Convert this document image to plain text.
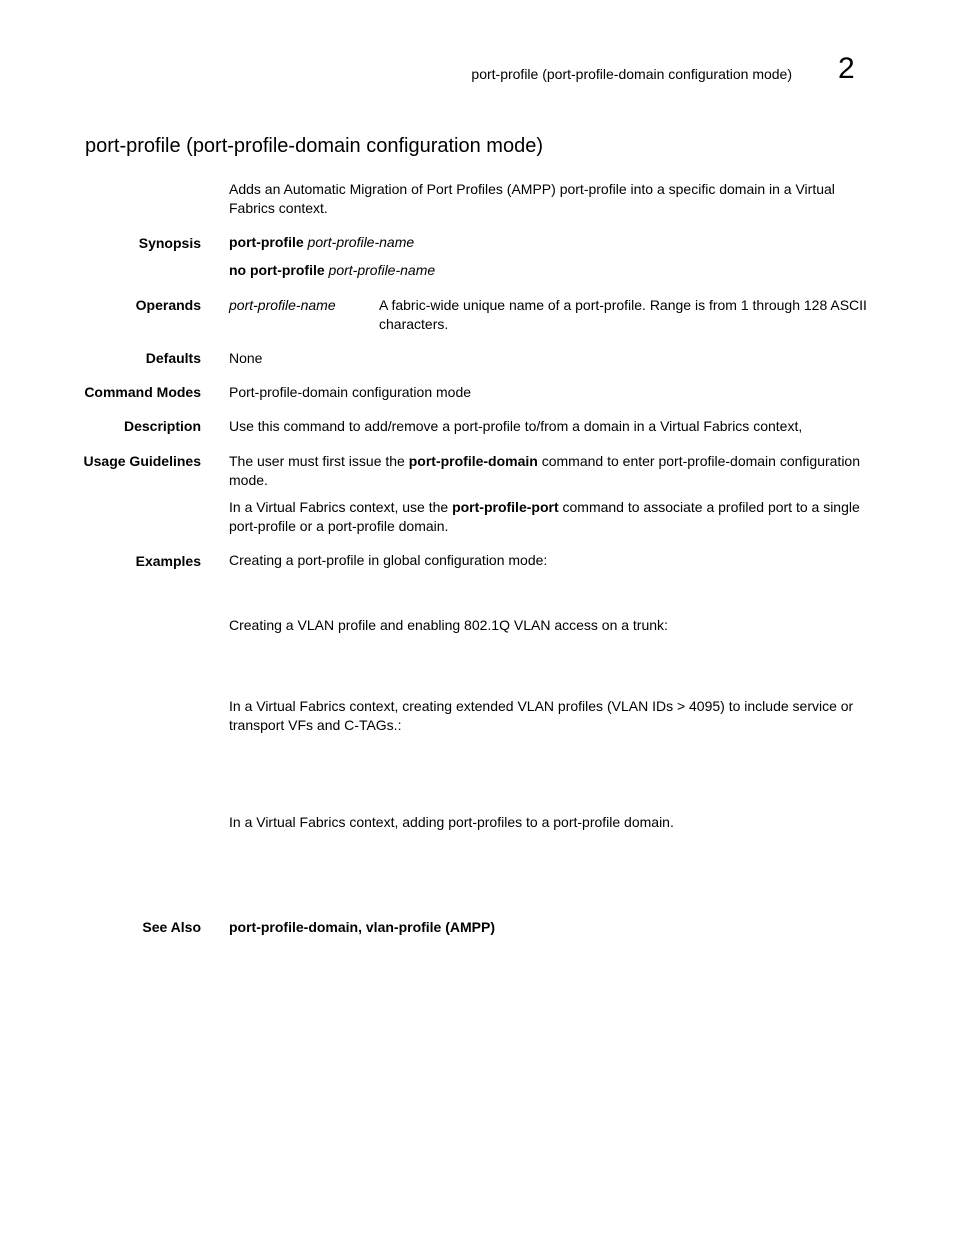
port-profile (port-profile-domain configuration mode) 2
port-profile (port-profile-domain configuration mode)

Adds an Automatic Migration of Port Profiles (AMPP) port-profile into a specific domain in a Virtual Fabrics context.

Synopsis port-profile port-profile-name
no port-profile port-profile-name
Operands port-profile-name	A fabric-wide unique name of a port-profile. Range is from 1 through 128 ASCII characters.
Defaults None
Command Modes Port-profile-domain configuration mode
Description Use this command to add/remove a port-profile to/from a domain in a Virtual Fabrics context,
Usage Guidelines The user must first issue the port-profile-domain command to enter port-profile-domain configuration mode.

In a Virtual Fabrics context, use the port-profile-port command to associate a profiled port to a single port-profile or a port-profile domain.

Examples Creating a port-profile in global configuration mode:

Creating a VLAN profile and enabling 802.1Q VLAN access on a trunk:

In a Virtual Fabrics context, creating extended VLAN profiles (VLAN IDs > 4095) to include service or transport VFs and C-TAGs.:

In a Virtual Fabrics context, adding port-profiles to a port-profile domain.

See Also port-profile-domain, vlan-profile (AMPP)
